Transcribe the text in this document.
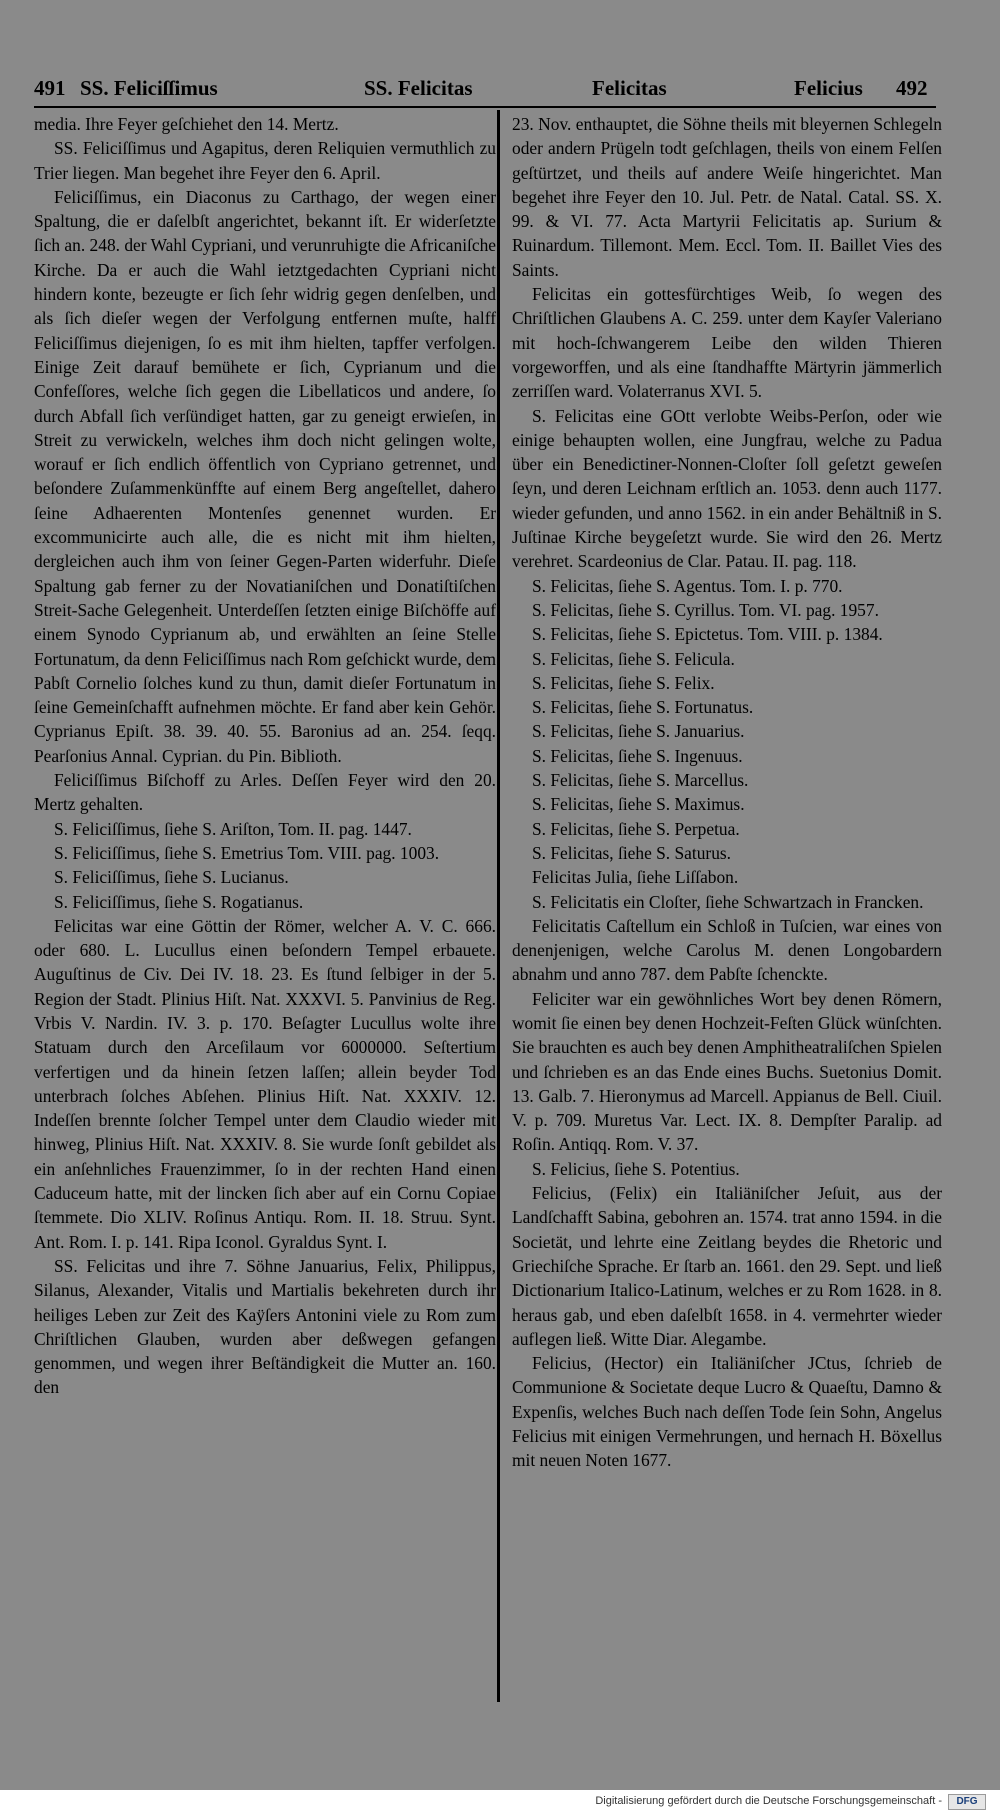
491 SS. Feliciſſimus	SS. Felicitas	Felicitas	Felicius 492

media. Ihre Feyer geſchiehet den 14. Mertz.

SS. Feliciſſimus und Agapitus, deren Reliquien vermuthlich zu Trier liegen. Man begehet ihre Feyer den 6. April.

Feliciſſimus, ein Diaconus zu Carthago, der wegen einer Spaltung, die er daſelbſt angerichtet, bekannt iſt. Er widerſetzte ſich an. 248. der Wahl Cypriani, und verunruhigte die Africaniſche Kirche. Da er auch die Wahl ietztgedachten Cypriani nicht hindern konte, bezeugte er ſich ſehr widrig gegen denſelben, und als ſich dieſer wegen der Verfolgung entfernen muſte, halff Feliciſſimus diejenigen, ſo es mit ihm hielten, tapffer verfolgen. Einige Zeit darauf bemühete er ſich, Cyprianum und die Confeſſores, welche ſich gegen die Libellaticos und andere, ſo durch Abfall ſich verſündiget hatten, gar zu geneigt erwieſen, in Streit zu verwickeln, welches ihm doch nicht gelingen wolte, worauf er ſich endlich öffentlich von Cypriano getrennet, und beſondere Zuſammenkünffte auf einem Berg angeſtellet, dahero ſeine Adhaerenten Montenſes genennet wurden. Er excommunicirte auch alle, die es nicht mit ihm hielten, dergleichen auch ihm von ſeiner Gegen-Parten widerfuhr. Dieſe Spaltung gab ferner zu der Novatianiſchen und Donatiſtiſchen Streit-Sache Gelegenheit. Unterdeſſen ſetzten einige Biſchöffe auf einem Synodo Cyprianum ab, und erwählten an ſeine Stelle Fortunatum, da denn Feliciſſimus nach Rom geſchickt wurde, dem Pabſt Cornelio ſolches kund zu thun, damit dieſer Fortunatum in ſeine Gemeinſchafft aufnehmen möchte. Er fand aber kein Gehör. Cyprianus Epiſt. 38. 39. 40. 55. Baronius ad an. 254. ſeqq. Pearſonius Annal. Cyprian. du Pin. Biblioth.

Feliciſſimus Biſchoff zu Arles. Deſſen Feyer wird den 20. Mertz gehalten.

S. Feliciſſimus, ſiehe S. Ariſton, Tom. II. pag. 1447.

S. Feliciſſimus, ſiehe S. Emetrius Tom. VIII. pag. 1003.

S. Feliciſſimus, ſiehe S. Lucianus.

S. Feliciſſimus, ſiehe S. Rogatianus.

Felicitas war eine Göttin der Römer, welcher A. V. C. 666. oder 680. L. Lucullus einen beſondern Tempel erbauete. Auguſtinus de Civ. Dei IV. 18. 23. Es ſtund ſelbiger in der 5. Region der Stadt. Plinius Hiſt. Nat. XXXVI. 5. Panvinius de Reg. Vrbis V. Nardin. IV. 3. p. 170. Beſagter Lucullus wolte ihre Statuam durch den Arceſilaum vor 6000000. Seſtertium verfertigen und da hinein ſetzen laſſen; allein beyder Tod unterbrach ſolches Abſehen. Plinius Hiſt. Nat. XXXIV. 12. Indeſſen brennte ſolcher Tempel unter dem Claudio wieder mit hinweg, Plinius Hiſt. Nat. XXXIV. 8. Sie wurde ſonſt gebildet als ein anſehnliches Frauenzimmer, ſo in der rechten Hand einen Caduceum hatte, mit der lincken ſich aber auf ein Cornu Copiae ſtemmete. Dio XLIV. Roſinus Antiqu. Rom. II. 18. Struu. Synt. Ant. Rom. I. p. 141. Ripa Iconol. Gyraldus Synt. I.

SS. Felicitas und ihre 7. Söhne Januarius, Felix, Philippus, Silanus, Alexander, Vitalis und Martialis bekehreten durch ihr heiliges Leben zur Zeit des Kaÿſers Antonini viele zu Rom zum Chriſtlichen Glauben, wurden aber deßwegen gefangen genommen, und wegen ihrer Beſtändigkeit die Mutter an. 160. den

23. Nov. enthauptet, die Söhne theils mit bleyernen Schlegeln oder andern Prügeln todt geſchlagen, theils von einem Felſen geſtürtzet, und theils auf andere Weiſe hingerichtet. Man begehet ihre Feyer den 10. Jul. Petr. de Natal. Catal. SS. X. 99. & VI. 77. Acta Martyrii Felicitatis ap. Surium & Ruinardum. Tillemont. Mem. Eccl. Tom. II. Baillet Vies des Saints.

Felicitas ein gottesfürchtiges Weib, ſo wegen des Chriſtlichen Glaubens A. C. 259. unter dem Kayſer Valeriano mit hoch-ſchwangerem Leibe den wilden Thieren vorgeworffen, und als eine ſtandhaffte Märtyrin jämmerlich zerriſſen ward. Volaterranus XVI. 5.

S. Felicitas eine GOtt verlobte Weibs-Perſon, oder wie einige behaupten wollen, eine Jungfrau, welche zu Padua über ein Benedictiner-Nonnen-Cloſter ſoll geſetzt geweſen ſeyn, und deren Leichnam erſtlich an. 1053. denn auch 1177. wieder gefunden, und anno 1562. in ein ander Behältniß in S. Juſtinae Kirche beygeſetzt wurde. Sie wird den 26. Mertz verehret. Scardeonius de Clar. Patau. II. pag. 118.

S. Felicitas, ſiehe S. Agentus. Tom. I. p. 770.

S. Felicitas, ſiehe S. Cyrillus. Tom. VI. pag. 1957.

S. Felicitas, ſiehe S. Epictetus. Tom. VIII. p. 1384.

S. Felicitas, ſiehe S. Felicula.

S. Felicitas, ſiehe S. Felix.

S. Felicitas, ſiehe S. Fortunatus.

S. Felicitas, ſiehe S. Januarius.

S. Felicitas, ſiehe S. Ingenuus.

S. Felicitas, ſiehe S. Marcellus.

S. Felicitas, ſiehe S. Maximus.

S. Felicitas, ſiehe S. Perpetua.

S. Felicitas, ſiehe S. Saturus.

Felicitas Julia, ſiehe Liſſabon.

S. Felicitatis ein Cloſter, ſiehe Schwartzach in Francken.

Felicitatis Caſtellum ein Schloß in Tuſcien, war eines von denenjenigen, welche Carolus M. denen Longobardern abnahm und anno 787. dem Pabſte ſchenckte.

Feliciter war ein gewöhnliches Wort bey denen Römern, womit ſie einen bey denen Hochzeit-Feſten Glück wünſchten. Sie brauchten es auch bey denen Amphitheatraliſchen Spielen und ſchrieben es an das Ende eines Buchs. Suetonius Domit. 13. Galb. 7. Hieronymus ad Marcell. Appianus de Bell. Ciuil. V. p. 709. Muretus Var. Lect. IX. 8. Dempſter Paralip. ad Roſin. Antiqq. Rom. V. 37.

S. Felicius, ſiehe S. Potentius.

Felicius, (Felix) ein Italiäniſcher Jeſuit, aus der Landſchafft Sabina, gebohren an. 1574. trat anno 1594. in die Societät, und lehrte eine Zeitlang beydes die Rhetoric und Griechiſche Sprache. Er ſtarb an. 1661. den 29. Sept. und ließ Dictionarium Italico-Latinum, welches er zu Rom 1628. in 8. heraus gab, und eben daſelbſt 1658. in 4. vermehrter wieder auflegen ließ. Witte Diar. Alegambe.

Felicius, (Hector) ein Italiäniſcher JCtus, ſchrieb de Communione & Societate deque Lucro & Quaeſtu, Damno & Expenſis, welches Buch nach deſſen Tode ſein Sohn, Angelus Felicius mit einigen Vermehrungen, und hernach H. Böxellus mit neuen Noten 1677.

Digitalisierung gefördert durch die Deutsche Forschungsgemeinschaft -	DFG
